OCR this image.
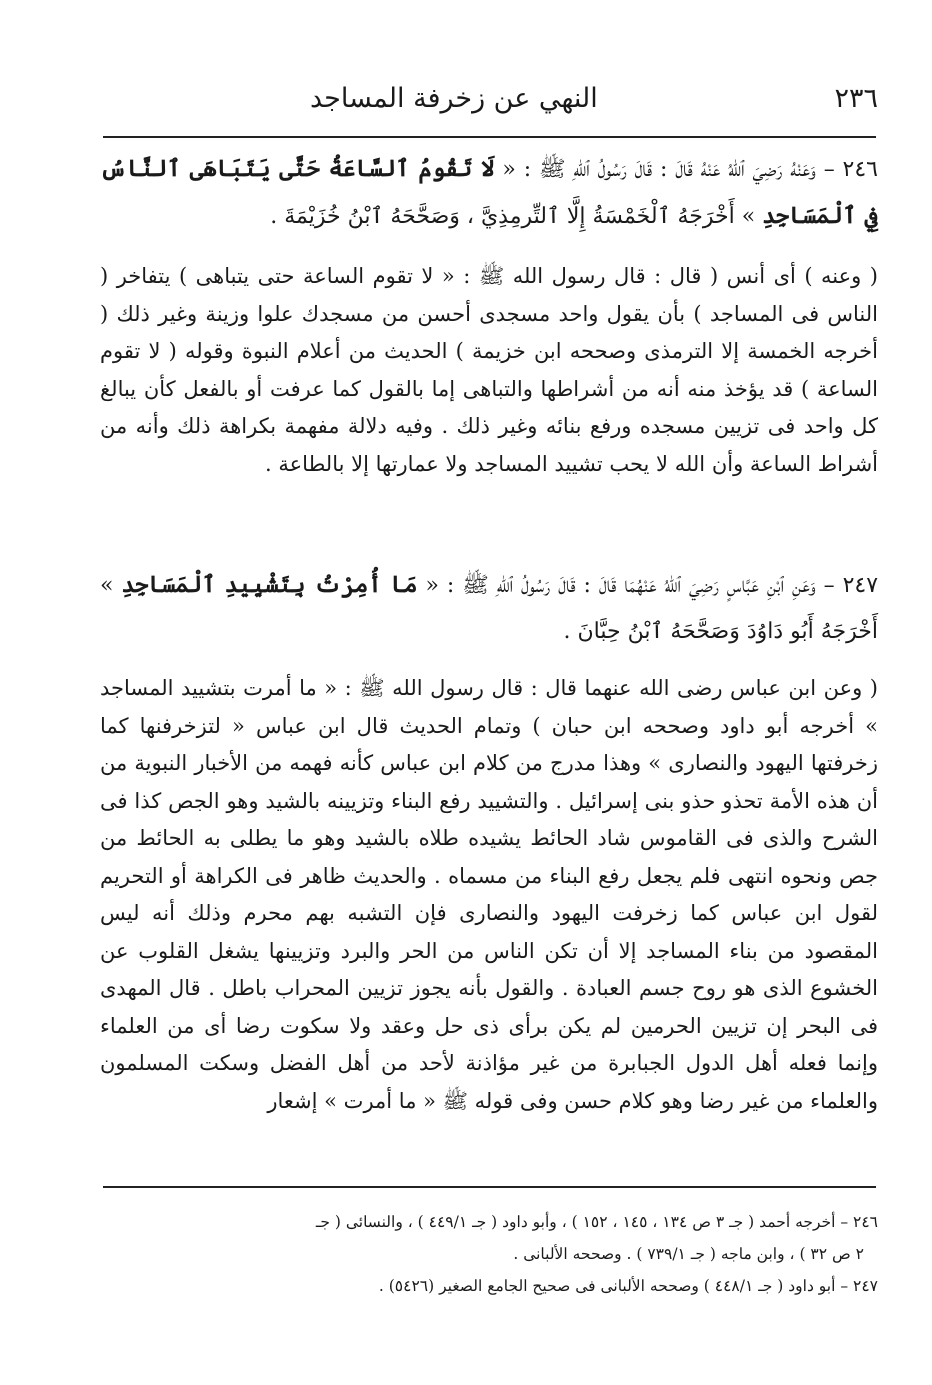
٢٣٦
النهي عن زخرفة المساجد
٢٤٦ – وَعَنْهُ رَضِيَ ٱللهُ عَنْهُ قَالَ : قَالَ رَسُولُ ٱللهِ ﷺ : « لَا تَقُومُ ٱلسَّاعَةُ حَتَّى يَتَبَاهَى ٱلنَّاسُ فِي ٱلْمَسَاجِدِ » أَخْرَجَهُ ٱلْخَمْسَةُ إِلَّا ٱلتِّرمِذِيَّ ، وَصَحَّحَهُ ٱبْنُ خُزَيْمَةَ .

( وعنه ) أى أنس ( قال : قال رسول الله ﷺ : « لا تقوم الساعة حتى يتباهى ) يتفاخر ( الناس فى المساجد ) بأن يقول واحد مسجدى أحسن من مسجدك علوا وزينة وغير ذلك ( أخرجه الخمسة إلا الترمذى وصححه ابن خزيمة ) الحديث من أعلام النبوة وقوله ( لا تقوم الساعة ) قد يؤخذ منه أنه من أشراطها والتباهى إما بالقول كما عرفت أو بالفعل كأن يبالغ كل واحد فى تزيين مسجده ورفع بنائه وغير ذلك . وفيه دلالة مفهمة بكراهة ذلك وأنه من أشراط الساعة وأن الله لا يحب تشييد المساجد ولا عمارتها إلا بالطاعة .

٢٤٧ – وَعَنِ ٱبْنِ عَبَّاسٍ رَضِيَ ٱللهُ عَنْهُمَا قَالَ : قَالَ رَسُولُ ٱللهِ ﷺ : « مَا أُمِرْتُ بِتَشْيِيدِ ٱلْمَسَاجِدِ » أَخْرَجَهُ أَبُو دَاوُدَ وَصَحَّحَهُ ٱبْنُ حِبَّانَ .

( وعن ابن عباس رضى الله عنهما قال : قال رسول الله ﷺ : « ما أمرت بتشييد المساجد » أخرجه أبو داود وصححه ابن حبان ) وتمام الحديث قال ابن عباس « لتزخرفنها كما زخرفتها اليهود والنصارى » وهذا مدرج من كلام ابن عباس كأنه فهمه من الأخبار النبوية من أن هذه الأمة تحذو حذو بنى إسرائيل . والتشييد رفع البناء وتزيينه بالشيد وهو الجص كذا فى الشرح والذى فى القاموس شاد الحائط يشيده طلاه بالشيد وهو ما يطلى به الحائط من جص ونحوه انتهى فلم يجعل رفع البناء من مسماه . والحديث ظاهر فى الكراهة أو التحريم لقول ابن عباس كما زخرفت اليهود والنصارى فإن التشبه بهم محرم وذلك أنه ليس المقصود من بناء المساجد إلا أن تكن الناس من الحر والبرد وتزيينها يشغل القلوب عن الخشوع الذى هو روح جسم العبادة . والقول بأنه يجوز تزيين المحراب باطل . قال المهدى فى البحر إن تزيين الحرمين لم يكن برأى ذى حل وعقد ولا سكوت رضا أى من العلماء وإنما فعله أهل الدول الجبابرة من غير مؤاذنة لأحد من أهل الفضل وسكت المسلمون والعلماء من غير رضا وهو كلام حسن وفى قوله ﷺ « ما أمرت » إشعار

٢٤٦ – أخرجه أحمد ( جـ ٣ ص ١٣٤ ، ١٤٥ ، ١٥٢ ) ، وأبو داود ( جـ ٤٤٩/١ ) ، والنسائى ( جـ

٢ ص ٣٢ ) ، وابن ماجه ( جـ ٧٣٩/١ ) . وصححه الألبانى .

٢٤٧ – أبو داود ( جـ ٤٤٨/١ ) وصححه الألبانى فى صحيح الجامع الصغير (٥٤٢٦) .
